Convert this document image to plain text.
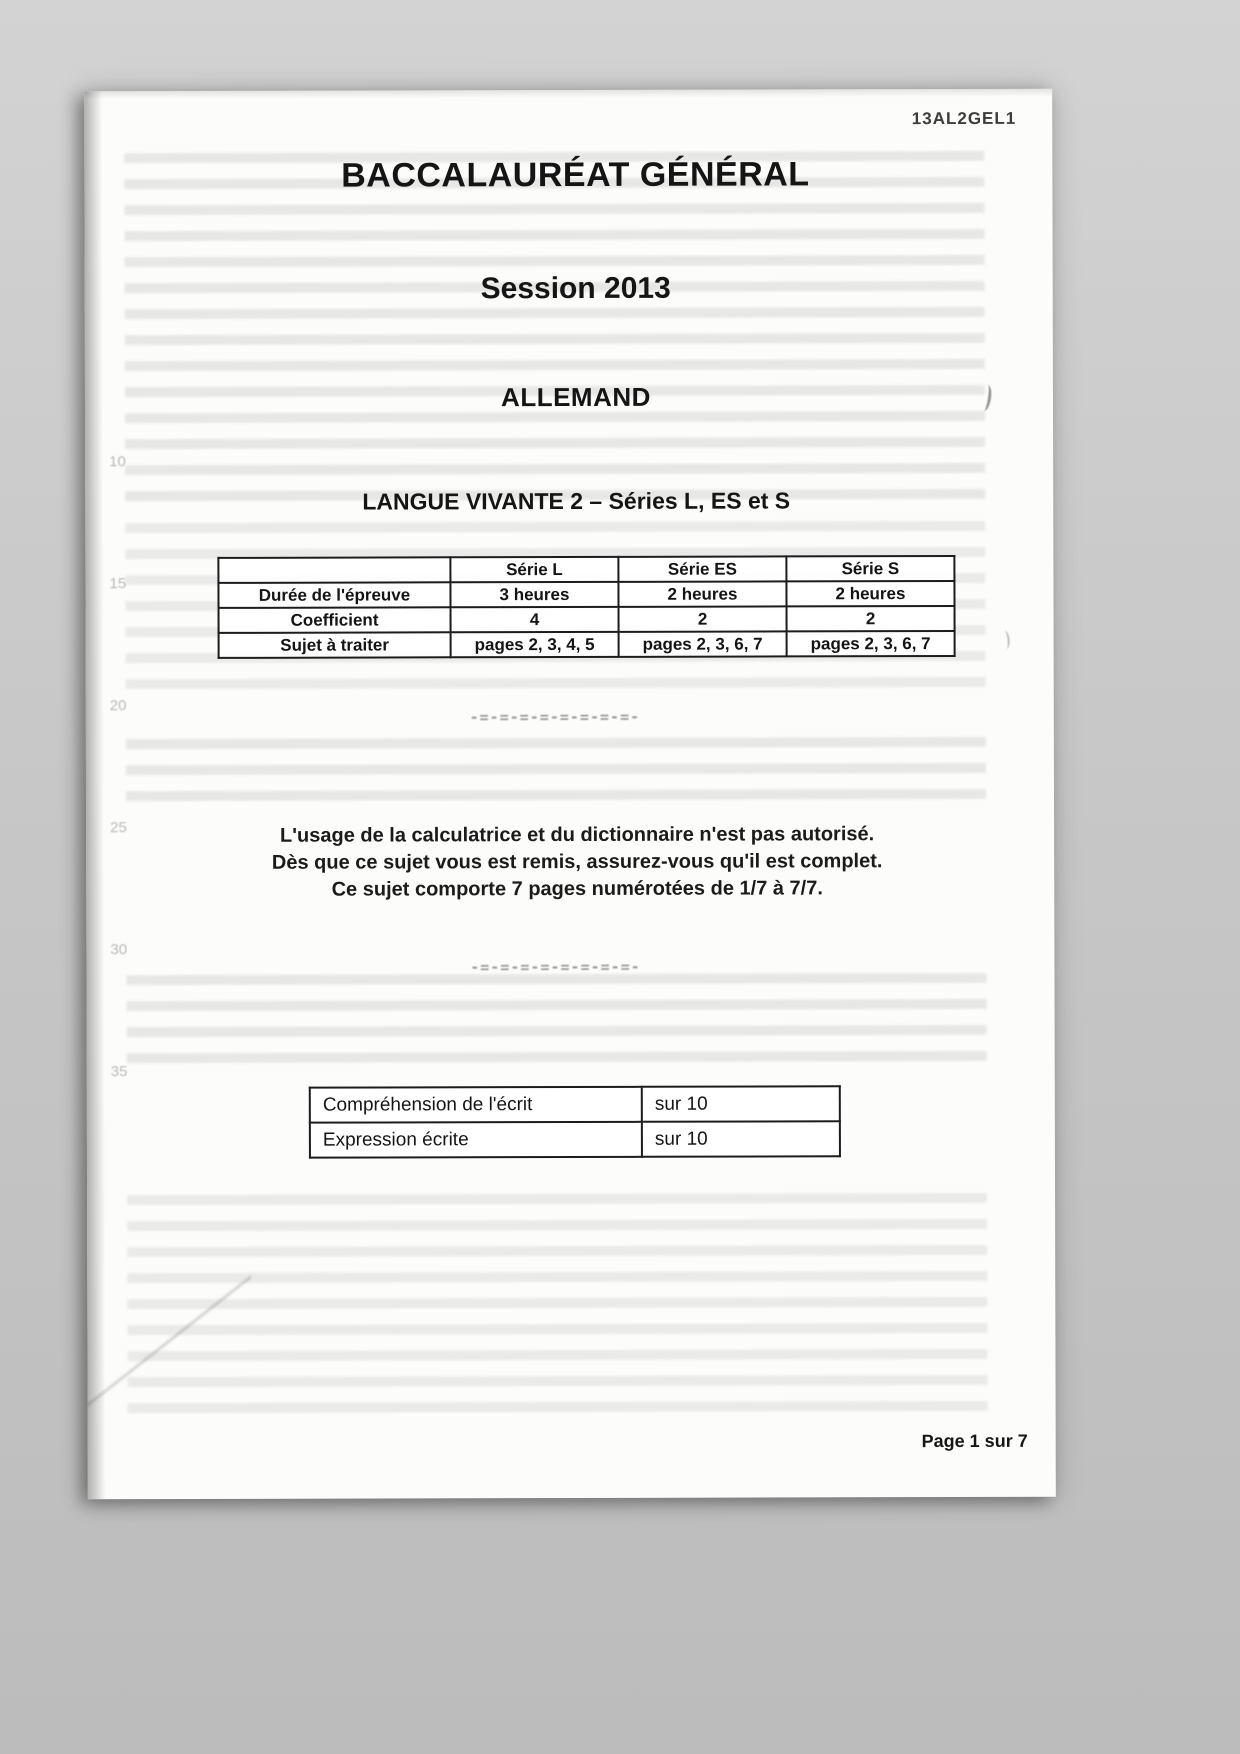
-=-=-=-=-=-=-=-=-
-=-=-=-=-=-=-=-=-
10
15
20
25
30
35
13AL2GEL1
BACCALAURÉAT GÉNÉRAL
Session 2013
ALLEMAND
LANGUE VIVANTE 2 – Séries L, ES et S
	Série L	Série ES	Série S
Durée de l'épreuve	3 heures	2 heures	2 heures
Coefficient	4	2	2
Sujet à traiter	pages 2, 3, 4, 5	pages 2, 3, 6, 7	pages 2, 3, 6, 7

L'usage de la calculatrice et du dictionnaire n'est pas autorisé.

Dès que ce sujet vous est remis, assurez-vous qu'il est complet.

Ce sujet comporte 7 pages numérotées de 1/7 à 7/7.

Compréhension de l'écrit	sur 10
Expression écrite	sur 10
Page 1 sur 7
